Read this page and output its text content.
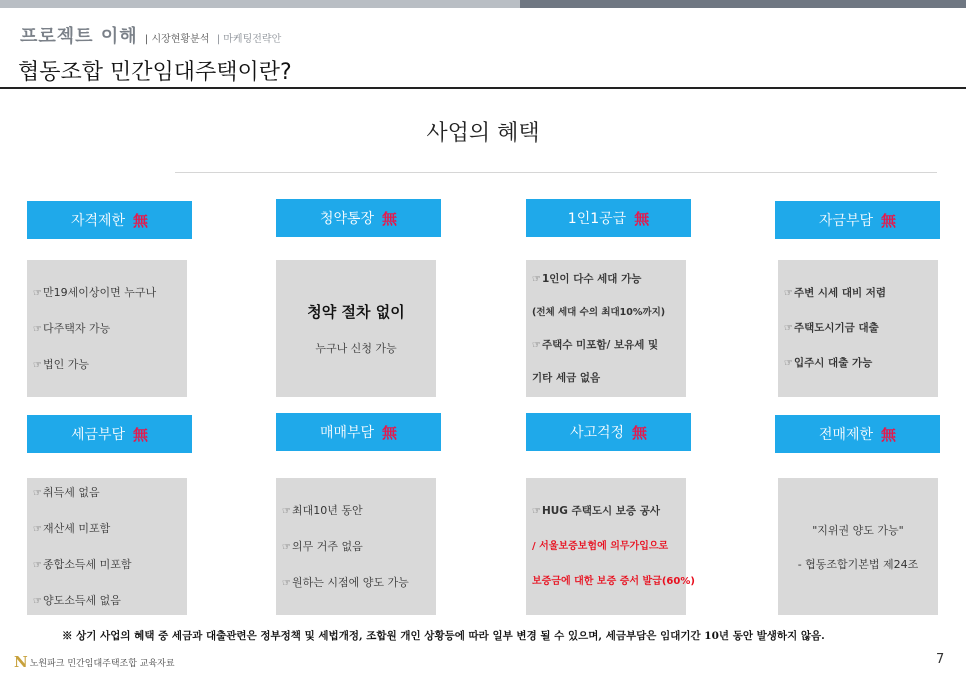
프로젝트 이해 | 시장현황분석 | 마케팅전략안
협동조합 민간임대주택이란?
사업의 혜택
자격제한 無	청약통장 無	1인1공급 無	자금부담 無
☞만19세이상이면 누구나
☞다주택자 가능
☞법인 가능
청약 절차 없이
누구나 신청 가능
☞1인이 다수 세대 가능
(전체 세대 수의 최대10%까지)
☞주택수 미포함/ 보유세 및
기타 세금 없음
☞주변 시세 대비 저렴
☞주택도시기금 대출
☞입주시 대출 가능
세금부담 無	매매부담 無	사고걱정 無	전매제한 無
☞취득세 없음
☞재산세 미포함
☞종합소득세 미포함
☞양도소득세 없음
☞최대10년 동안
☞의무 거주 없음
☞원하는 시점에 양도 가능
☞HUG 주택도시 보증 공사
/ 서울보증보험에 의무가입으로
보증금에 대한 보증 증서 발급(60%)
"지위권 양도 가능"
- 협동조합기본법 제24조
※ 상기 사업의 혜택 중 세금과 대출관련은 정부정책 및 세법개정, 조합원 개인 상황등에 따라 일부 변경 될 수 있으며, 세금부담은 임대기간 10년 동안 발생하지 않음.
N 노원파크 민간임대주택조합 교육자료	7
